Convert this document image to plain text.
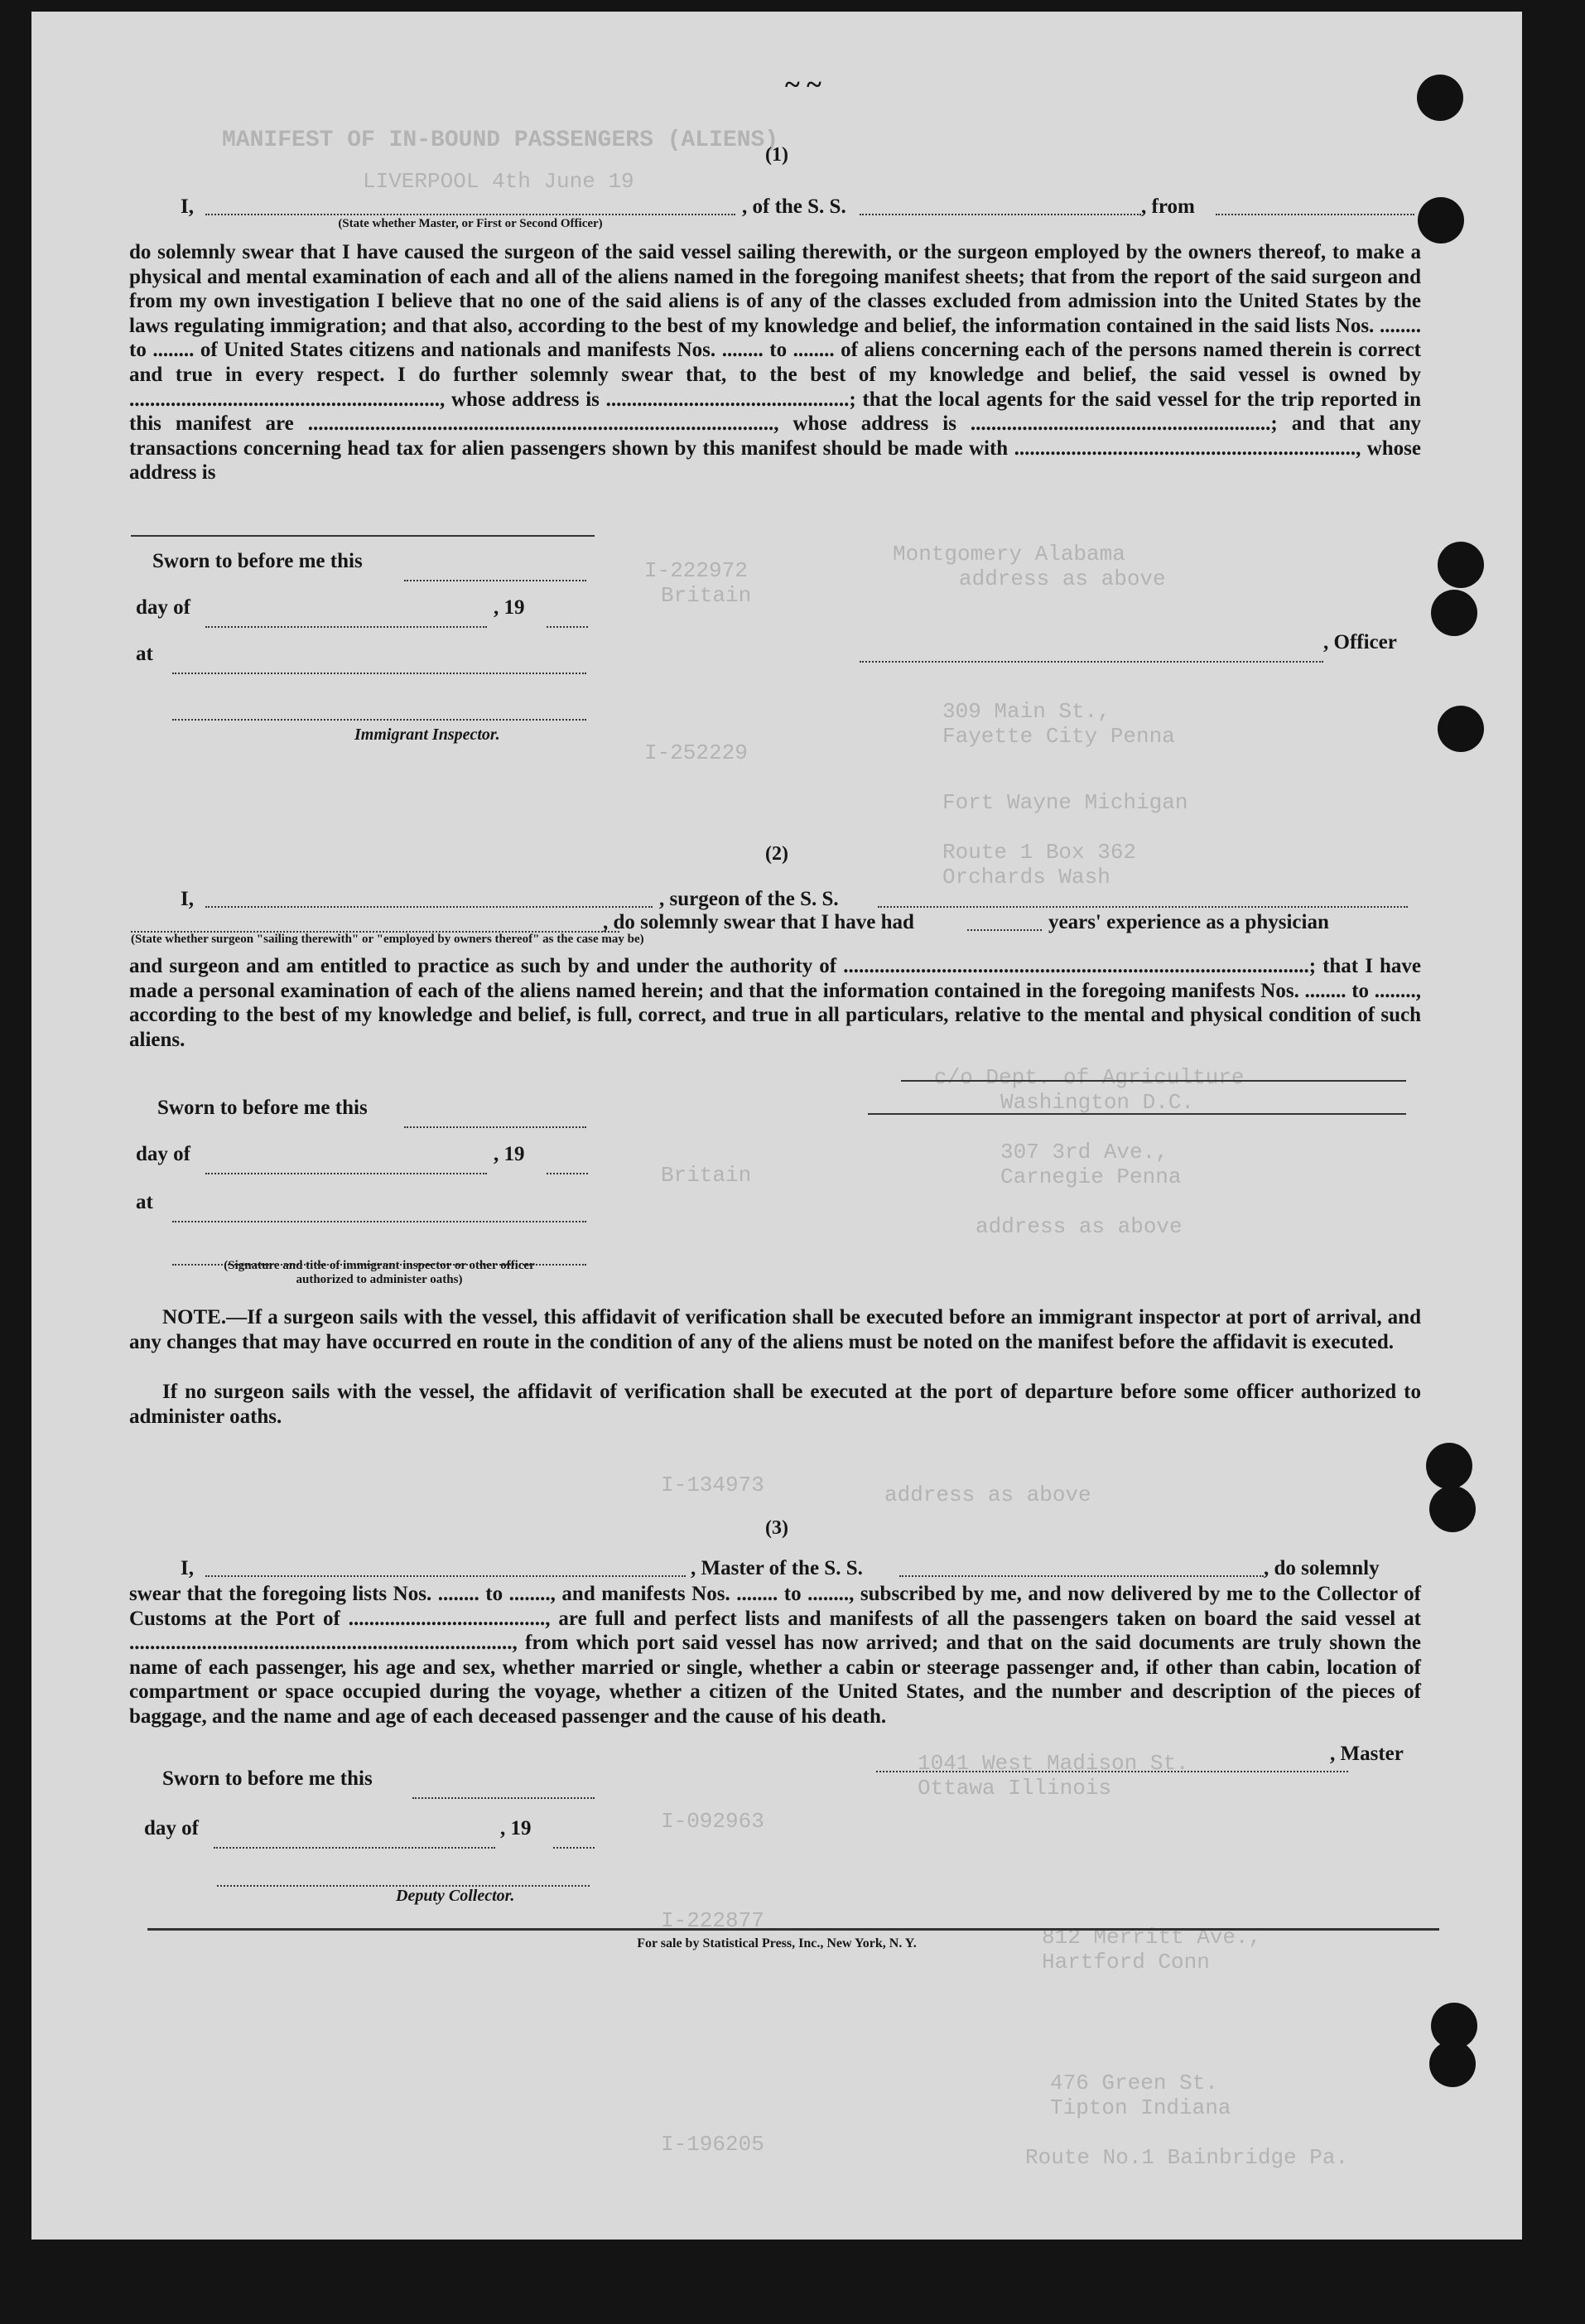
MANIFEST OF IN-BOUND PASSENGERS (ALIENS)
LIVERPOOL 4th June 19
Montgomery Alabama
address as above
I-222972
Britain
309 Main St.,
Fayette City Penna
I-252229
Fort Wayne Michigan
Route 1 Box 362
Orchards Wash
c/o Dept. of Agriculture
Washington D.C.
307 3rd Ave.,
Carnegie Penna
address as above
Britain
I-134973	address as above
1041 West Madison St.
Ottawa Illinois
I-092963
812 Merritt Ave.,
Hartford Conn
I-222877
476 Green St.
Tipton Indiana
Route No.1 Bainbridge Pa.
I-196205
~ ~
(1)
I,	, of the S. S.	, from
(State whether Master, or First or Second Officer)
do solemnly swear that I have caused the surgeon of the said vessel sailing therewith, or the surgeon employed by the owners thereof, to make a physical and mental examination of each and all of the aliens named in the foregoing manifest sheets; that from the report of the said surgeon and from my own investigation I believe that no one of the said aliens is of any of the classes excluded from admission into the United States by the laws regulating immigration; and that also, according to the best of my knowledge and belief, the information contained in the said lists Nos. ........ to ........ of United States citizens and nationals and manifests Nos. ........ to ........ of aliens concerning each of the persons named therein is correct and true in every respect. I do further solemnly swear that, to the best of my knowledge and belief, the said vessel is owned by ............................................................, whose address is ...............................................; that the local agents for the said vessel for the trip reported in this manifest are .........................................................................................., whose address is ..........................................................; and that any transactions concerning head tax for alien passengers shown by this manifest should be made with .................................................................., whose address is
Sworn to before me this
day of	, 19
at
Immigrant Inspector.
, Officer
(2)
I,	, surgeon of the S. S.
, do solemnly swear that I have had	years' experience as a physician
(State whether surgeon "sailing therewith" or "employed by owners thereof" as the case may be)
and surgeon and am entitled to practice as such by and under the authority of ..........................................................................................; that I have made a personal examination of each of the aliens named herein; and that the information contained in the foregoing manifests Nos. ........ to ........, according to the best of my knowledge and belief, is full, correct, and true in all particulars, relative to the mental and physical condition of such aliens.
Sworn to before me this
day of	, 19
at
(Signature and title of immigrant inspector or other officer authorized to administer oaths)
NOTE.—If a surgeon sails with the vessel, this affidavit of verification shall be executed before an immigrant inspector at port of arrival, and any changes that may have occurred en route in the condition of any of the aliens must be noted on the manifest before the affidavit is executed.
If no surgeon sails with the vessel, the affidavit of verification shall be executed at the port of departure before some officer authorized to administer oaths.
(3)
I,	, Master of the S. S.	, do solemnly
swear that the foregoing lists Nos. ........ to ........, and manifests Nos. ........ to ........, subscribed by me, and now delivered by me to the Collector of Customs at the Port of ......................................, are full and perfect lists and manifests of all the passengers taken on board the said vessel at .........................................................................., from which port said vessel has now arrived; and that on the said documents are truly shown the name of each passenger, his age and sex, whether married or single, whether a cabin or steerage passenger and, if other than cabin, location of compartment or space occupied during the voyage, whether a citizen of the United States, and the number and description of the pieces of baggage, and the name and age of each deceased passenger and the cause of his death.
, Master
Sworn to before me this
day of	, 19
Deputy Collector.
For sale by Statistical Press, Inc., New York, N. Y.
